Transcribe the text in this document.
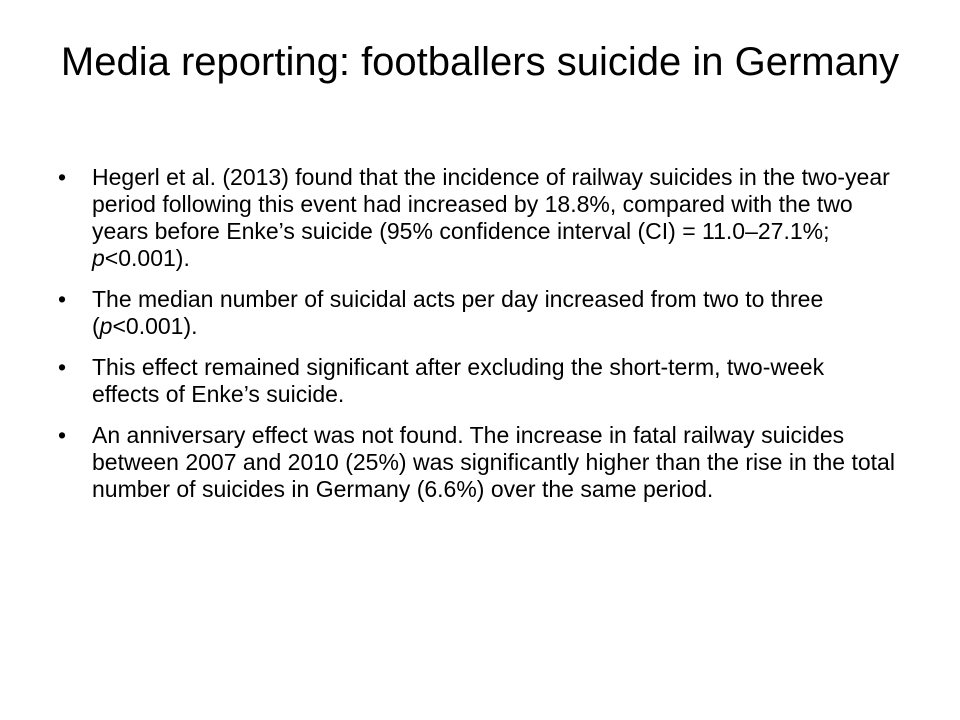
Media reporting: footballers suicide in Germany
•	Hegerl et al. (2013) found that the incidence of railway suicides in the two-year period following this event had increased by 18.8%, compared with the two years before Enke’s suicide (95% confidence interval (CI) = 11.0–27.1%; p<0.001).
•	The median number of suicidal acts per day increased from two to three (p<0.001).
•	This effect remained significant after excluding the short-term, two-week effects of Enke’s suicide.
•	An anniversary effect was not found. The increase in fatal railway suicides between 2007 and 2010 (25%) was significantly higher than the rise in the total number of suicides in Germany (6.6%) over the same period.
